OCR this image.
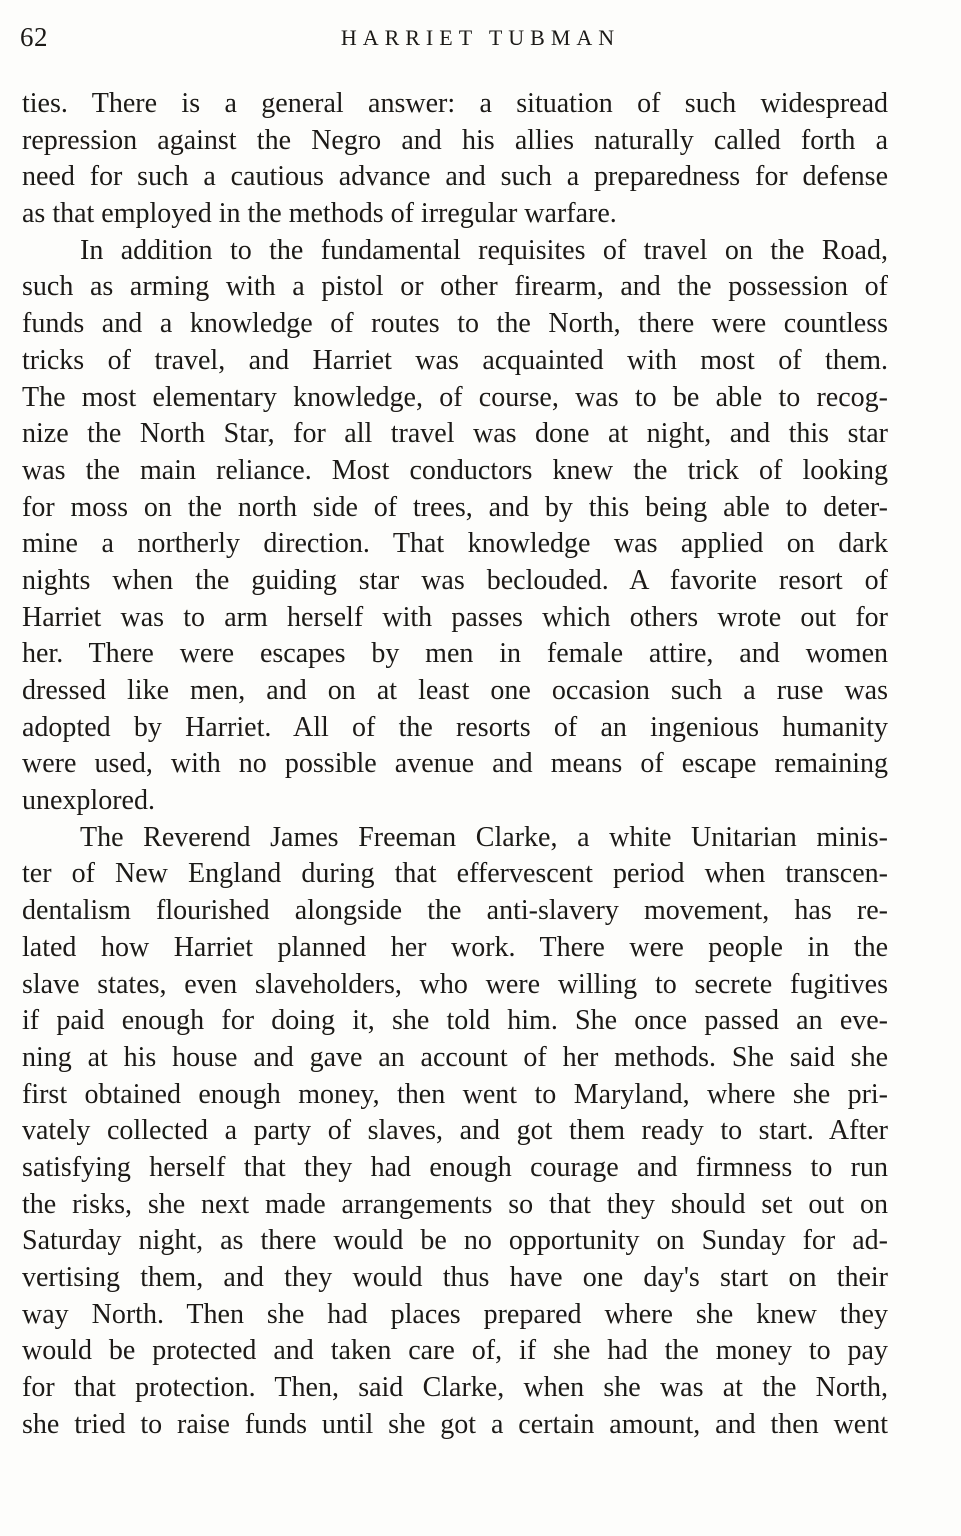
62	HARRIET TUBMAN
ties. There is a general answer: a situation of such widespread
repression against the Negro and his allies naturally called forth a
need for such a cautious advance and such a preparedness for defense
as that employed in the methods of irregular warfare.
In addition to the fundamental requisites of travel on the Road,
such as arming with a pistol or other firearm, and the possession of
funds and a knowledge of routes to the North, there were countless
tricks of travel, and Harriet was acquainted with most of them.
The most elementary knowledge, of course, was to be able to recog-
nize the North Star, for all travel was done at night, and this star
was the main reliance. Most conductors knew the trick of looking
for moss on the north side of trees, and by this being able to deter-
mine a northerly direction. That knowledge was applied on dark
nights when the guiding star was beclouded. A favorite resort of
Harriet was to arm herself with passes which others wrote out for
her. There were escapes by men in female attire, and women
dressed like men, and on at least one occasion such a ruse was
adopted by Harriet. All of the resorts of an ingenious humanity
were used, with no possible avenue and means of escape remaining
unexplored.
The Reverend James Freeman Clarke, a white Unitarian minis-
ter of New England during that effervescent period when transcen-
dentalism flourished alongside the anti-slavery movement, has re-
lated how Harriet planned her work. There were people in the
slave states, even slaveholders, who were willing to secrete fugitives
if paid enough for doing it, she told him. She once passed an eve-
ning at his house and gave an account of her methods. She said she
first obtained enough money, then went to Maryland, where she pri-
vately collected a party of slaves, and got them ready to start. After
satisfying herself that they had enough courage and firmness to run
the risks, she next made arrangements so that they should set out on
Saturday night, as there would be no opportunity on Sunday for ad-
vertising them, and they would thus have one day's start on their
way North. Then she had places prepared where she knew they
would be protected and taken care of, if she had the money to pay
for that protection. Then, said Clarke, when she was at the North,
she tried to raise funds until she got a certain amount, and then went
